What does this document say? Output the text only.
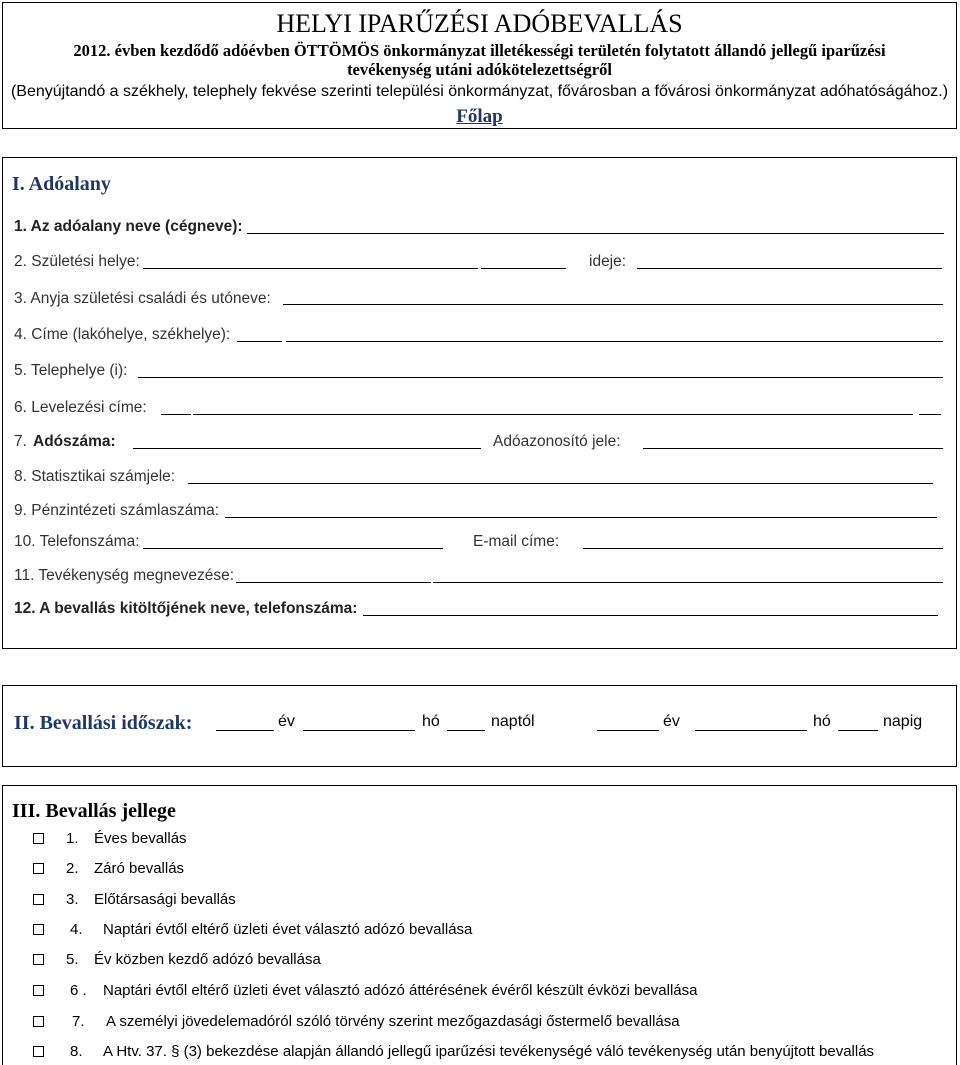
HELYI IPARŰZÉSI ADÓBEVALLÁS
2012. évben kezdődő adóévben ÖTTÖMÖS önkormányzat illetékességi területén folytatott állandó jellegű iparűzési
tevékenység utáni adókötelezettségről
(Benyújtandó a székhely, telephely fekvése szerinti települési önkormányzat, fővárosban a fővárosi önkormányzat adóhatóságához.)
Főlap
I. Adóalany
1. Az adóalany neve (cégneve):
2. Születési helye:	ideje:
3. Anyja születési családi és utóneve:
4. Címe (lakóhelye, székhelye):
5. Telephelye (i):
6. Levelezési címe:
7. Adószáma:	Adóazonosító jele:
8. Statisztikai számjele:
9. Pénzintézeti számlaszáma:
10. Telefonszáma:	E-mail címe:
11. Tevékenység megnevezése:
12. A bevallás kitöltőjének neve, telefonszáma:
II. Bevallási időszak:	év	hó	naptól	év	hó	napig
III. Bevallás jellege
1. Éves bevallás
2. Záró bevallás
3. Előtársasági bevallás
4. Naptári évtől eltérő üzleti évet választó adózó bevallása
5. Év közben kezdő adózó bevallása
6 . Naptári évtől eltérő üzleti évet választó adózó áttérésének évéről készült évközi bevallása
7. A személyi jövedelemadóról szóló törvény szerint mezőgazdasági őstermelő bevallása
8. A Htv. 37. § (3) bekezdése alapján állandó jellegű iparűzési tevékenységé váló tevékenység után benyújtott bevallás
